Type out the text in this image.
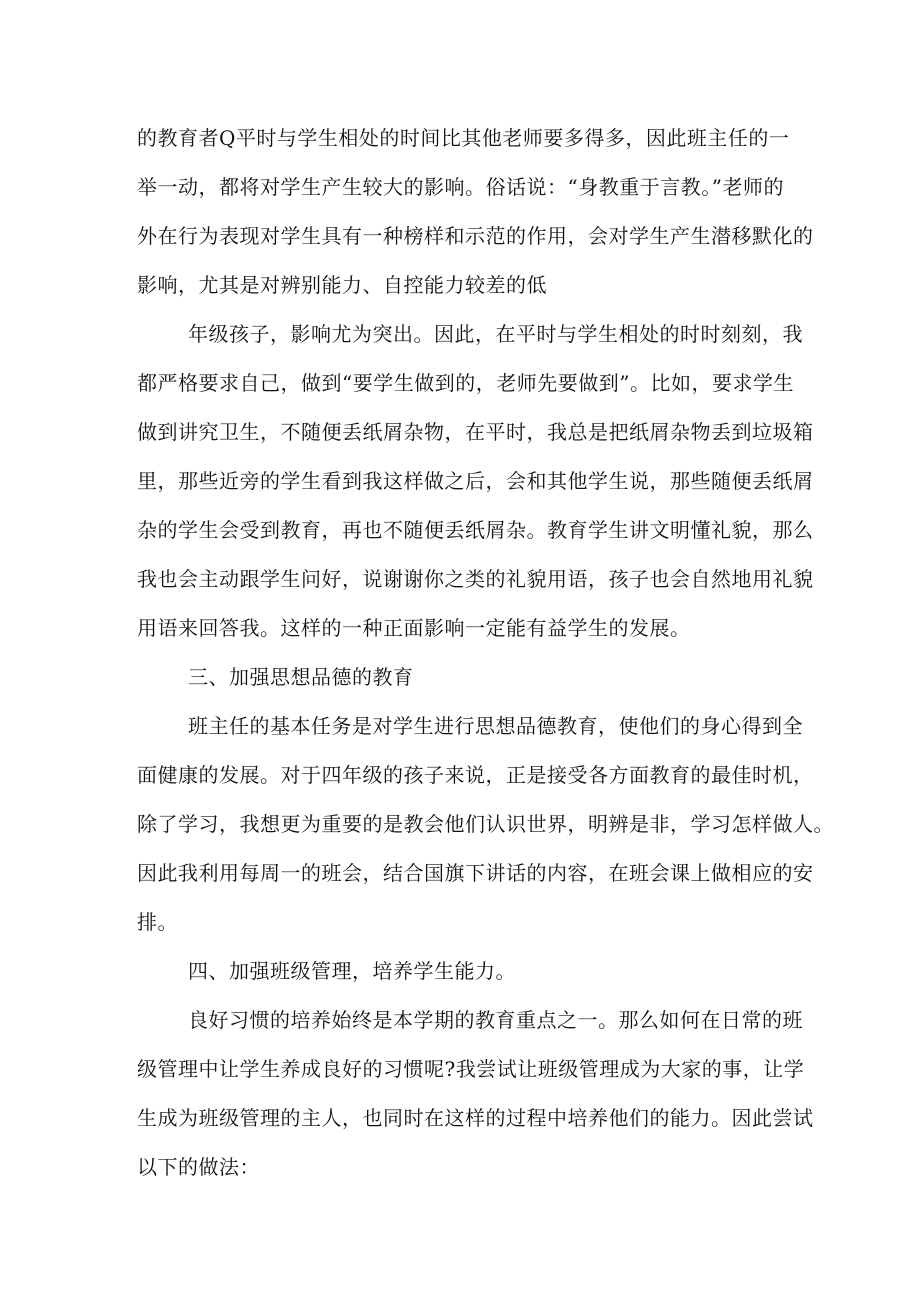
的教育者Q平时与学生相处的时间比其他老师要多得多，因此班主任的一
举一动，都将对学生产生较大的影响。俗话说：“身教重于言教。”老师的
外在行为表现对学生具有一种榜样和示范的作用，会对学生产生潜移默化的
影响，尤其是对辨别能力、自控能力较差的低
年级孩子，影响尤为突出。因此，在平时与学生相处的时时刻刻，我
都严格要求自己，做到“要学生做到的，老师先要做到”。比如，要求学生
做到讲究卫生，不随便丢纸屑杂物，在平时，我总是把纸屑杂物丢到垃圾箱
里，那些近旁的学生看到我这样做之后，会和其他学生说，那些随便丢纸屑
杂的学生会受到教育，再也不随便丢纸屑杂。教育学生讲文明懂礼貌，那么
我也会主动跟学生问好，说谢谢你之类的礼貌用语，孩子也会自然地用礼貌
用语来回答我。这样的一种正面影响一定能有益学生的发展。
三、加强思想品德的教育
班主任的基本任务是对学生进行思想品德教育，使他们的身心得到全
面健康的发展。对于四年级的孩子来说，正是接受各方面教育的最佳时机，
除了学习，我想更为重要的是教会他们认识世界，明辨是非，学习怎样做人。
因此我利用每周一的班会，结合国旗下讲话的内容，在班会课上做相应的安
排。
四、加强班级管理，培养学生能力。
良好习惯的培养始终是本学期的教育重点之一。那么如何在日常的班
级管理中让学生养成良好的习惯呢?我尝试让班级管理成为大家的事，让学
生成为班级管理的主人，也同时在这样的过程中培养他们的能力。因此尝试
以下的做法：
